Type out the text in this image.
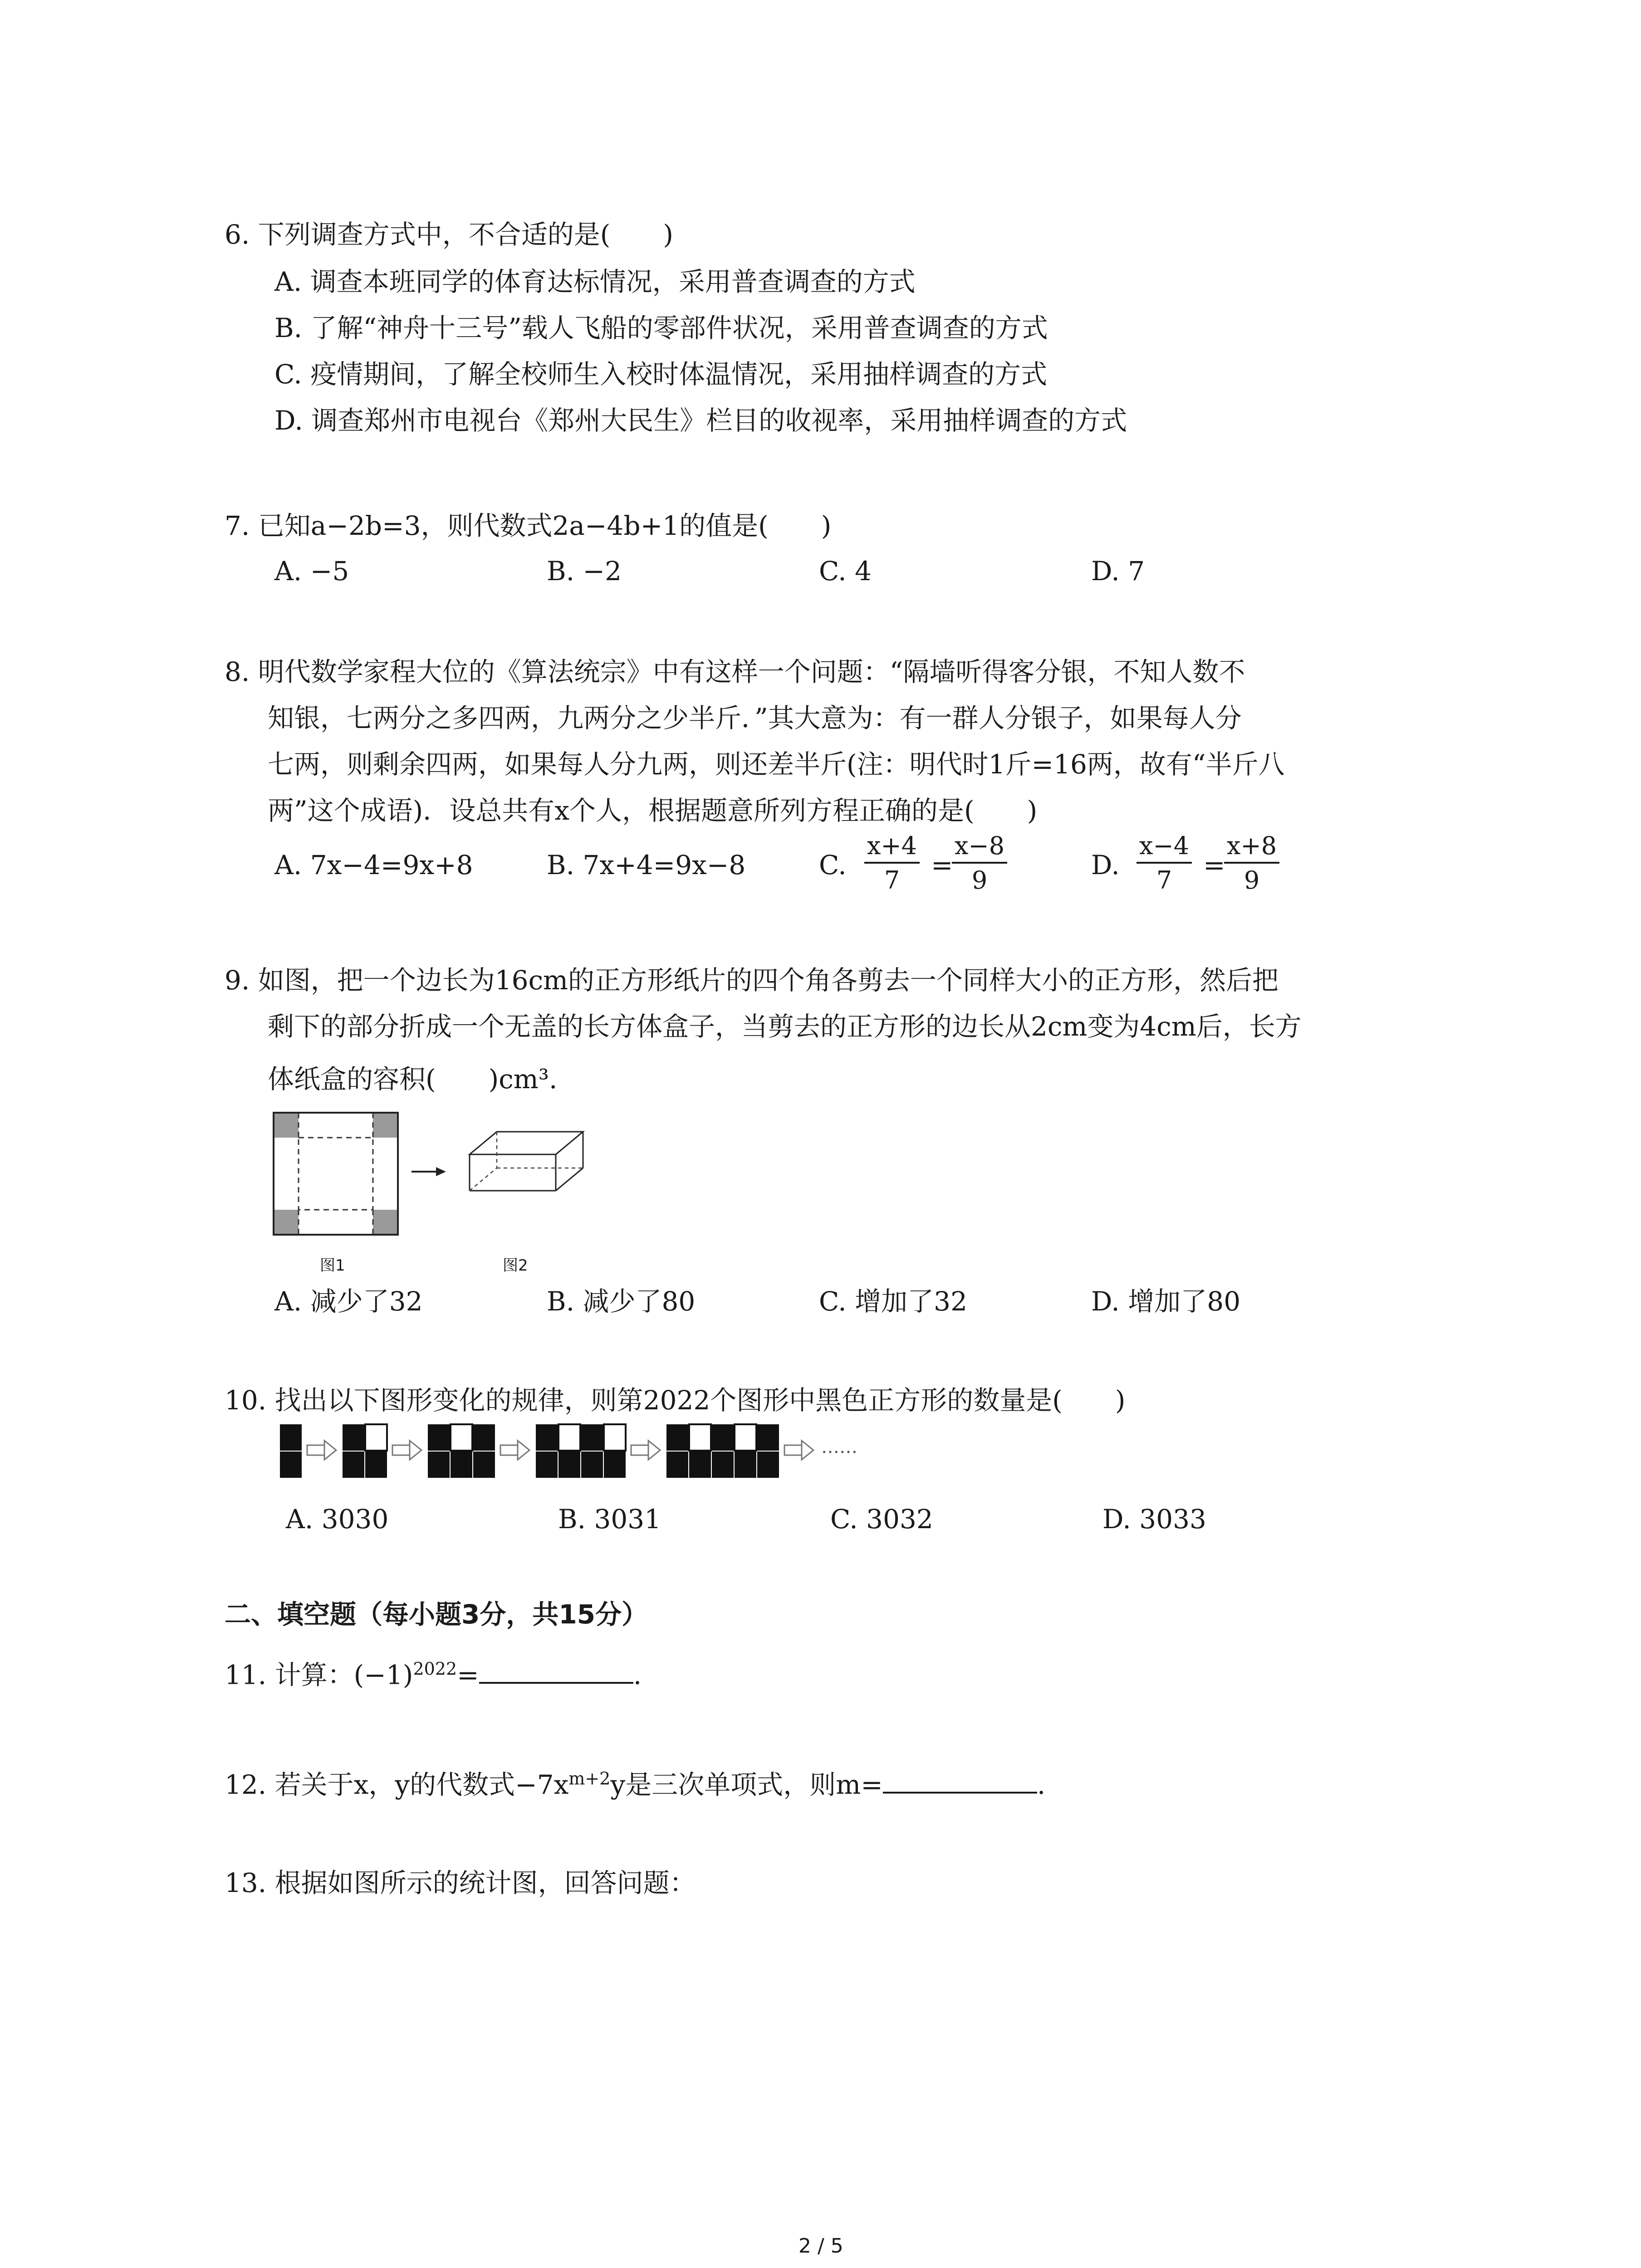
6. 下列调查方式中，不合适的是(　　)
A. 调查本班同学的体育达标情况，采用普查调查的方式
B. 了解“神舟十三号”载人飞船的零部件状况，采用普查调查的方式
C. 疫情期间，了解全校师生入校时体温情况，采用抽样调查的方式
D. 调查郑州市电视台《郑州大民生》栏目的收视率，采用抽样调查的方式
7. 已知a−2b=3，则代数式2a−4b+1的值是(　　)
A. −5	B. −2	C. 4	D. 7
8. 明代数学家程大位的《算法统宗》中有这样一个问题：“隔墙听得客分银，不知人数不
知银，七两分之多四两，九两分之少半斤．”其大意为：有一群人分银子，如果每人分
七两，则剩余四两，如果每人分九两，则还差半斤(注：明代时1斤=16两，故有“半斤八
两”这个成语)．设总共有x个人，根据题意所列方程正确的是(　　)
A. 7x−4=9x+8	B. 7x+4=9x−8	C. $\frac{x+4}{7}$ =
$\frac{x-8}{9}$	D. $\frac{x-4}{7}$ =
$\frac{x+8}{9}$
9. 如图，把一个边长为16cm的正方形纸片的四个角各剪去一个同样大小的正方形，然后把
剩下的部分折成一个无盖的长方体盒子，当剪去的正方形的边长从2cm变为4cm后，长方
体纸盒的容积(　　)cm³.
图1	图2
A. 减少了32	B. 减少了80	C. 增加了32	D. 增加了80
10. 找出以下图形变化的规律，则第2022个图形中黑色正方形的数量是(　　)
……
A. 3030	B. 3031	C. 3032	D. 3033
二、填空题（每小题3分，共15分）
11. 计算：$(-1)^{2022}=$	.
12. 若关于x，y的代数式$-7x^{m+2}y$是三次单项式，则m=	.
13. 根据如图所示的统计图，回答问题：
2 / 5
